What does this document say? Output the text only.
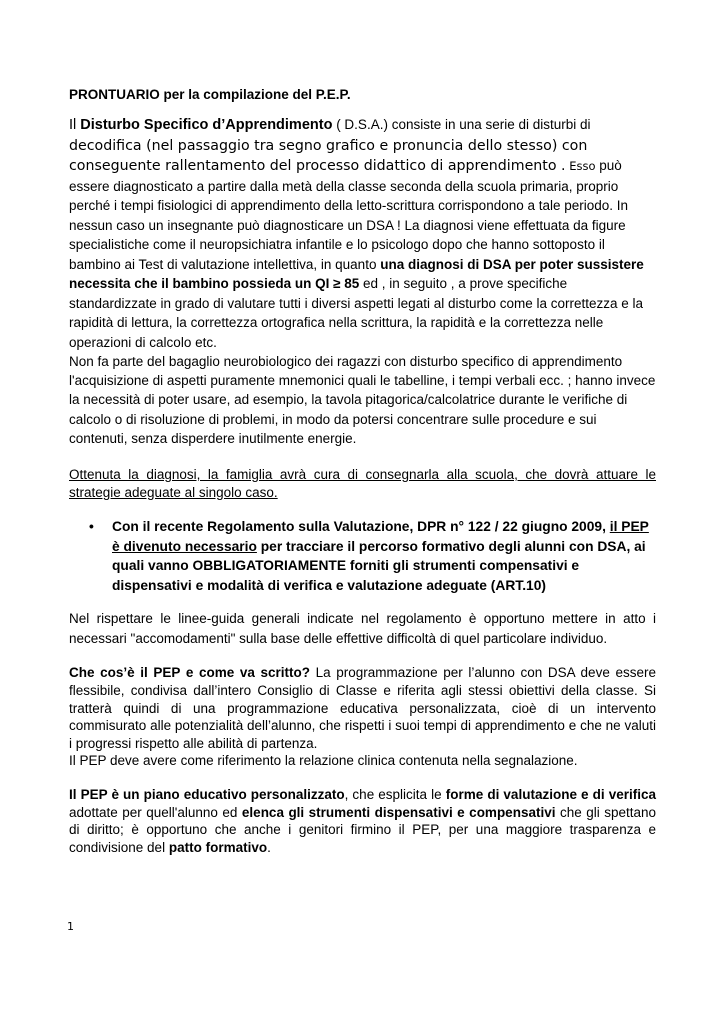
PRONTUARIO per la compilazione del P.E.P.

Il Disturbo Specifico d’Apprendimento ( D.S.A.) consiste in una serie di disturbi di decodifica (nel passaggio tra segno grafico e pronuncia dello stesso) con conseguente rallentamento del processo didattico di apprendimento . Esso può essere diagnosticato a partire dalla metà della classe seconda della scuola primaria, proprio perché i tempi fisiologici di apprendimento della letto-scrittura corrispondono a tale periodo. In nessun caso un insegnante può diagnosticare un DSA ! La diagnosi viene effettuata da figure specialistiche come il neuropsichiatra infantile e lo psicologo dopo che hanno sottoposto il bambino ai Test di valutazione intellettiva, in quanto una diagnosi di DSA per poter sussistere necessita che il bambino possieda un QI ≥ 85 ed , in seguito , a prove specifiche standardizzate in grado di valutare tutti i diversi aspetti legati al disturbo come la correttezza e la rapidità di lettura, la correttezza ortografica nella scrittura, la rapidità e la correttezza nelle operazioni di calcolo etc.

Non fa parte del bagaglio neurobiologico dei ragazzi con disturbo specifico di apprendimento l'acquisizione di aspetti puramente mnemonici quali le tabelline, i tempi verbali ecc. ; hanno invece la necessità di poter usare, ad esempio, la tavola pitagorica/calcolatrice durante le verifiche di calcolo o di risoluzione di problemi, in modo da potersi concentrare sulle procedure e sui contenuti, senza disperdere inutilmente energie.

Ottenuta la diagnosi, la famiglia avrà cura di consegnarla alla scuola, che dovrà attuare le strategie adeguate al singolo caso.

• Con il recente Regolamento sulla Valutazione, DPR n° 122 / 22 giugno 2009, il PEP è divenuto necessario per tracciare il percorso formativo degli alunni con DSA, ai quali vanno OBBLIGATORIAMENTE forniti gli strumenti compensativi e dispensativi e modalità di verifica e valutazione adeguate (ART.10)

Nel rispettare le linee-guida generali indicate nel regolamento è opportuno mettere in atto i necessari "accomodamenti" sulla base delle effettive difficoltà di quel particolare individuo.

Che cos’è il PEP e come va scritto? La programmazione per l’alunno con DSA deve essere flessibile, condivisa dall’intero Consiglio di Classe e riferita agli stessi obiettivi della classe. Si tratterà quindi di una programmazione educativa personalizzata, cioè di un intervento commisurato alle potenzialità dell’alunno, che rispetti i suoi tempi di apprendimento e che ne valuti i progressi rispetto alle abilità di partenza.
Il PEP deve avere come riferimento la relazione clinica contenuta nella segnalazione.

Il PEP è un piano educativo personalizzato, che esplicita le forme di valutazione e di verifica adottate per quell'alunno ed elenca gli strumenti dispensativi e compensativi che gli spettano di diritto; è opportuno che anche i genitori firmino il PEP, per una maggiore trasparenza e condivisione del patto formativo.

1
